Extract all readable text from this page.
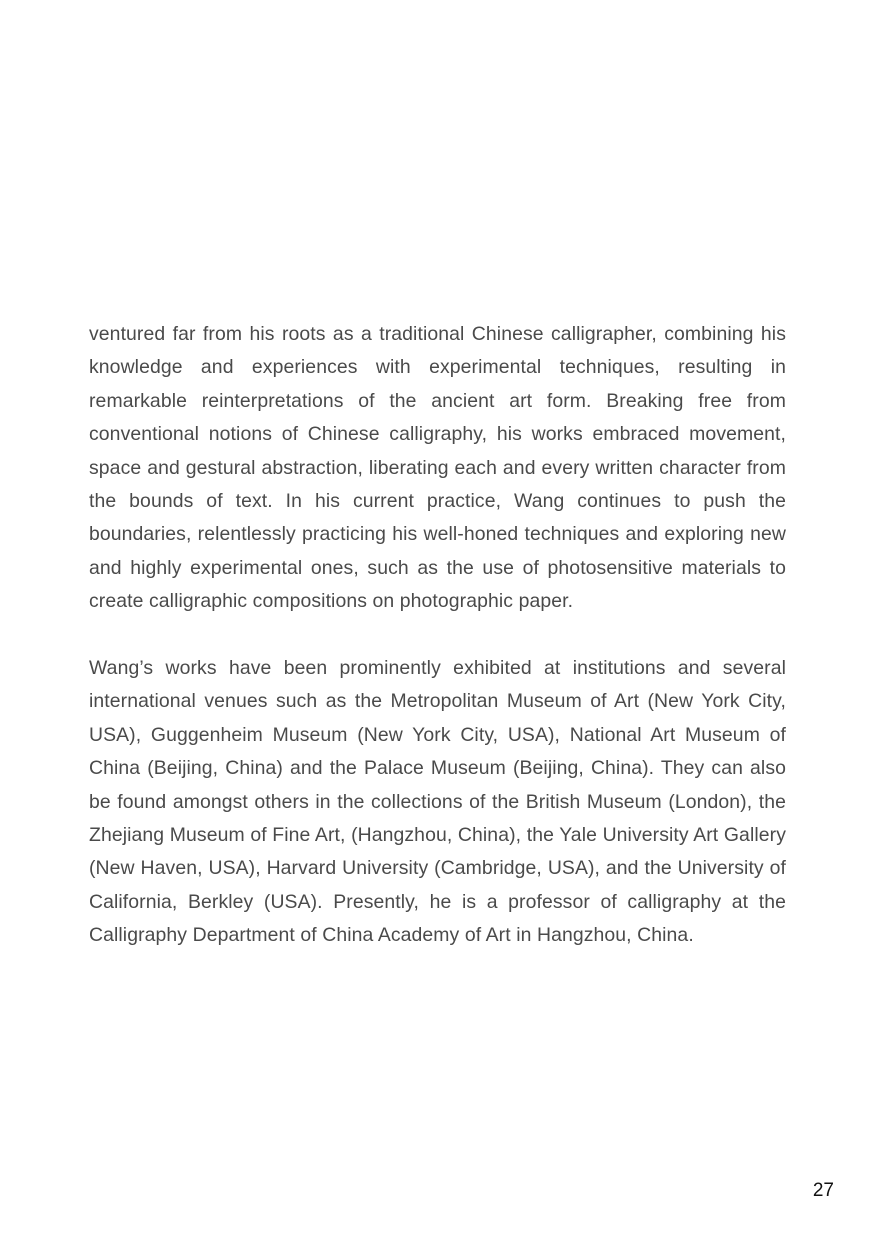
ventured far from his roots as a traditional Chinese calligrapher, combining his knowledge and experiences with experimental techniques, resulting in remarkable reinterpretations of the ancient art form. Breaking free from conventional notions of Chinese calligraphy, his works embraced movement, space and gestural abstraction, liberating each and every written character from the bounds of text. In his current practice, Wang continues to push the boundaries, relentlessly practicing his well-honed techniques and exploring new and highly experimental ones, such as the use of photosensitive materials to create calligraphic compositions on photographic paper.

Wang’s works have been prominently exhibited at institutions and several international venues such as the Metropolitan Museum of Art (New York City, USA), Guggenheim Museum (New York City, USA), National Art Museum of China (Beijing, China) and the Palace Museum (Beijing, China). They can also be found amongst others in the collections of the British Museum (London), the Zhejiang Museum of Fine Art, (Hangzhou, China), the Yale University Art Gallery (New Haven, USA), Harvard University (Cambridge, USA), and the University of California, Berkley (USA). Presently, he is a professor of calligraphy at the Calligraphy Department of China Academy of Art in Hangzhou, China.

27
